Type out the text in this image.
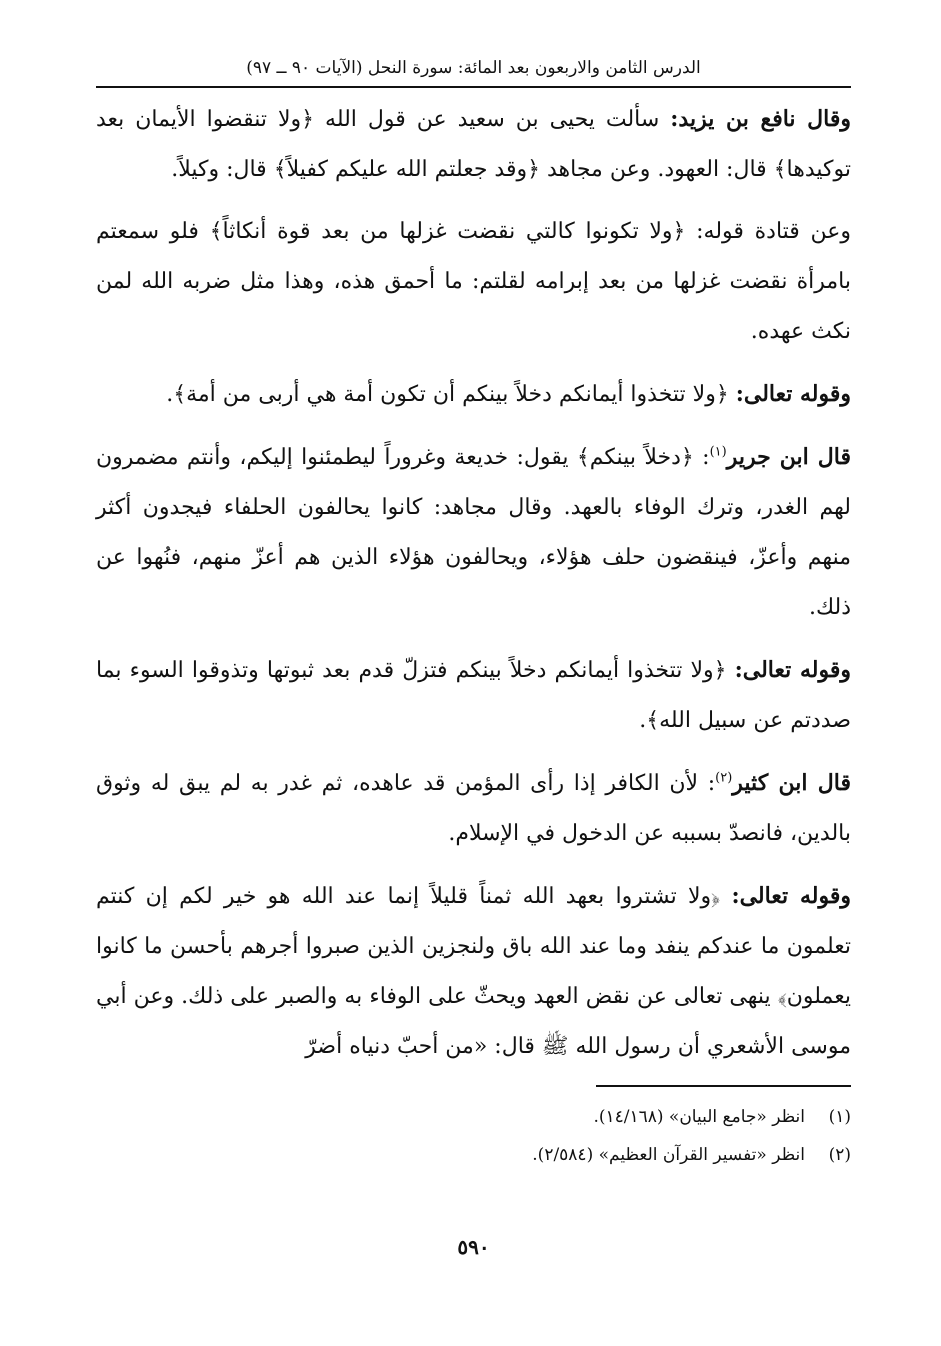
الدرس الثامن والاربعون بعد المائة: سورة النحل (الآيات ٩٠ ــ ٩٧)

وقال نافع بن يزيد: سألت يحيى بن سعيد عن قول الله ﴿ولا تنقضوا الأيمان بعد توكيدها﴾ قال: العهود. وعن مجاهد ﴿وقد جعلتم الله عليكم كفيلاً﴾ قال: وكيلاً.

وعن قتادة قوله: ﴿ولا تكونوا كالتي نقضت غزلها من بعد قوة أنكاثاً﴾ فلو سمعتم بامرأة نقضت غزلها من بعد إبرامه لقلتم: ما أحمق هذه، وهذا مثل ضربه الله لمن نكث عهده.

وقوله تعالى: ﴿ولا تتخذوا أيمانكم دخلاً بينكم أن تكون أمة هي أربى من أمة﴾.

قال ابن جرير$^{(١)}$: ﴿دخلاً بينكم﴾ يقول: خديعة وغروراً ليطمئنوا إليكم، وأنتم مضمرون لهم الغدر، وترك الوفاء بالعهد. وقال مجاهد: كانوا يحالفون الحلفاء فيجدون أكثر منهم وأعزّ، فينقضون حلف هؤلاء، ويحالفون هؤلاء الذين هم أعزّ منهم، فنُهوا عن ذلك.

وقوله تعالى: ﴿ولا تتخذوا أيمانكم دخلاً بينكم فتزلّ قدم بعد ثبوتها وتذوقوا السوء بما صددتم عن سبيل الله﴾.

قال ابن كثير$^{(٢)}$: لأن الكافر إذا رأى المؤمن قد عاهده، ثم غدر به لم يبق له وثوق بالدين، فانصدّ بسببه عن الدخول في الإسلام.

وقوله تعالى: ﴿ولا تشتروا بعهد الله ثمناً قليلاً إنما عند الله هو خير لكم إن كنتم تعلمون ما عندكم ينفد وما عند الله باق ولنجزين الذين صبروا أجرهم بأحسن ما كانوا يعملون﴾ ينهى تعالى عن نقض العهد ويحثّ على الوفاء به والصبر على ذلك. وعن أبي موسى الأشعري أن رسول الله ﷺ قال: «من أحبّ دنياه أضرّ

(١)انظر «جامع البيان» (١٤/١٦٨).
(٢)انظر «تفسير القرآن العظيم» (٢/٥٨٤).
٥٩٠
